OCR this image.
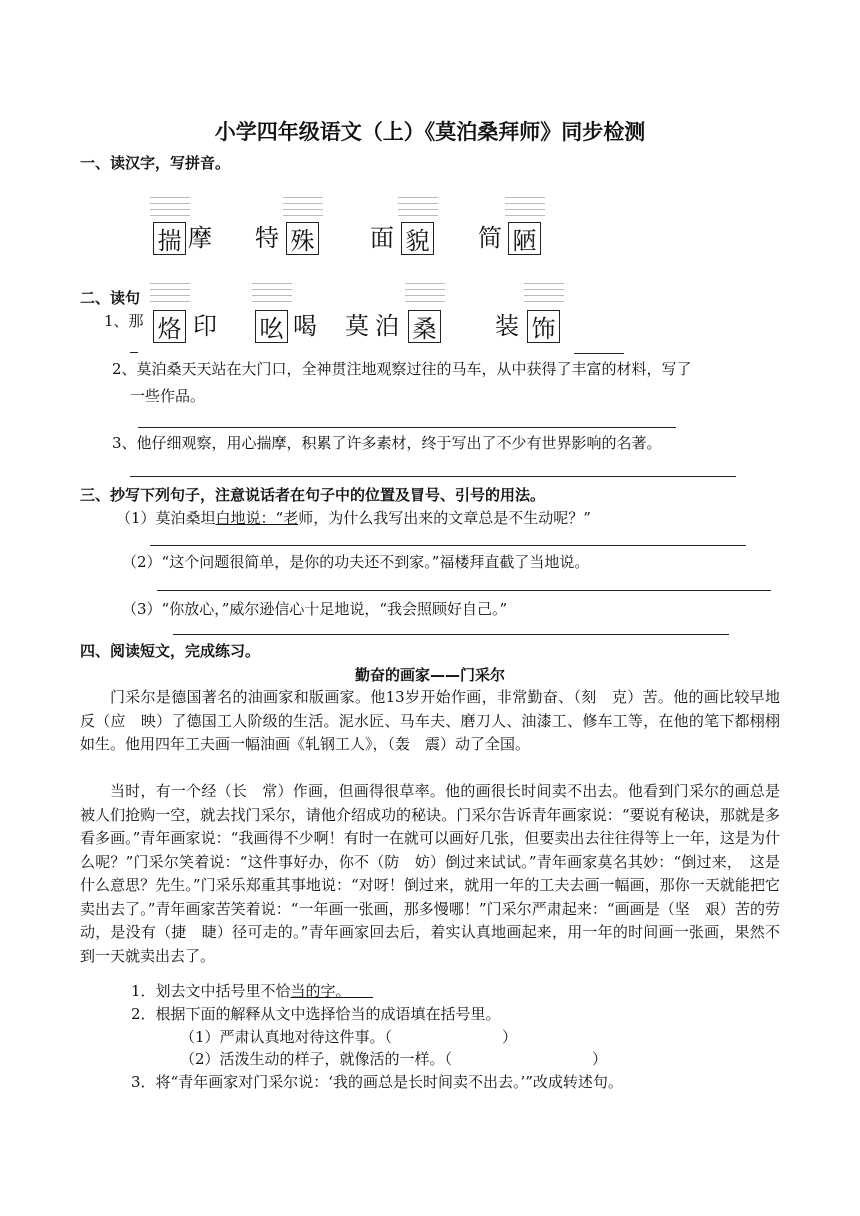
小学四年级语文（上）《莫泊桑拜师》同步检测
一、读汉字，写拼音。
揣 摩 特 殊 面 貌 简 陋
二、读句
1、那 烙 印 吆 喝 莫 泊 桑 装 饰
2、莫泊桑天天站在大门口，全神贯注地观察过往的马车，从中获得了丰富的材料，写了
一些作品。
3、他仔细观察，用心揣摩，积累了许多素材，终于写出了不少有世界影响的名著。
三、抄写下列句子，注意说话者在句子中的位置及冒号、引号的用法。
（1）莫泊桑坦白地说：“老师，为什么我写出来的文章总是不生动呢？”
（2）“这个问题很简单，是你的功夫还不到家。”福楼拜直截了当地说。
（3）“你放心，”威尔逊信心十足地说，“我会照顾好自己。”
四、阅读短文，完成练习。
勤奋的画家——门采尔
门采尔是德国著名的油画家和版画家。他13岁开始作画，非常勤奋、（刻　克）苦。他的画比较早地反（应　映）了德国工人阶级的生活。泥水匠、马车夫、磨刀人、油漆工、修车工等，在他的笔下都栩栩如生。他用四年工夫画一幅油画《轧钢工人》，（轰　震）动了全国。
当时，有一个经（长　常）作画，但画得很草率。他的画很长时间卖不出去。他看到门采尔的画总是被人们抢购一空，就去找门采尔，请他介绍成功的秘诀。门采尔告诉青年画家说：“要说有秘诀，那就是多看多画。”青年画家说：“我画得不少啊！有时一在就可以画好几张，但要卖出去往往得等上一年，这是为什么呢？”门采尔笑着说：“这件事好办，你不（防　妨）倒过来试试。”青年画家莫名其妙：“倒过来，　这是什么意思？先生。”门采乐郑重其事地说：“对呀！倒过来，就用一年的工夫去画一幅画，那你一天就能把它卖出去了。”青年画家苦笑着说：“一年画一张画，那多慢哪！”门采尔严肃起来：“画画是（坚　艰）苦的劳动，是没有（捷　睫）径可走的。”青年画家回去后，着实认真地画起来，用一年的时间画一张画，果然不到一天就卖出去了。
1．划去文中括号里不恰当的字。　　
2．根据下面的解释从文中选择恰当的成语填在括号里。
（1）严肃认真地对待这件事。（	）
（2）活泼生动的样子，就像活的一样。（	）
3．将“青年画家对门采尔说：‘我的画总是长时间卖不出去。’”改成转述句。
